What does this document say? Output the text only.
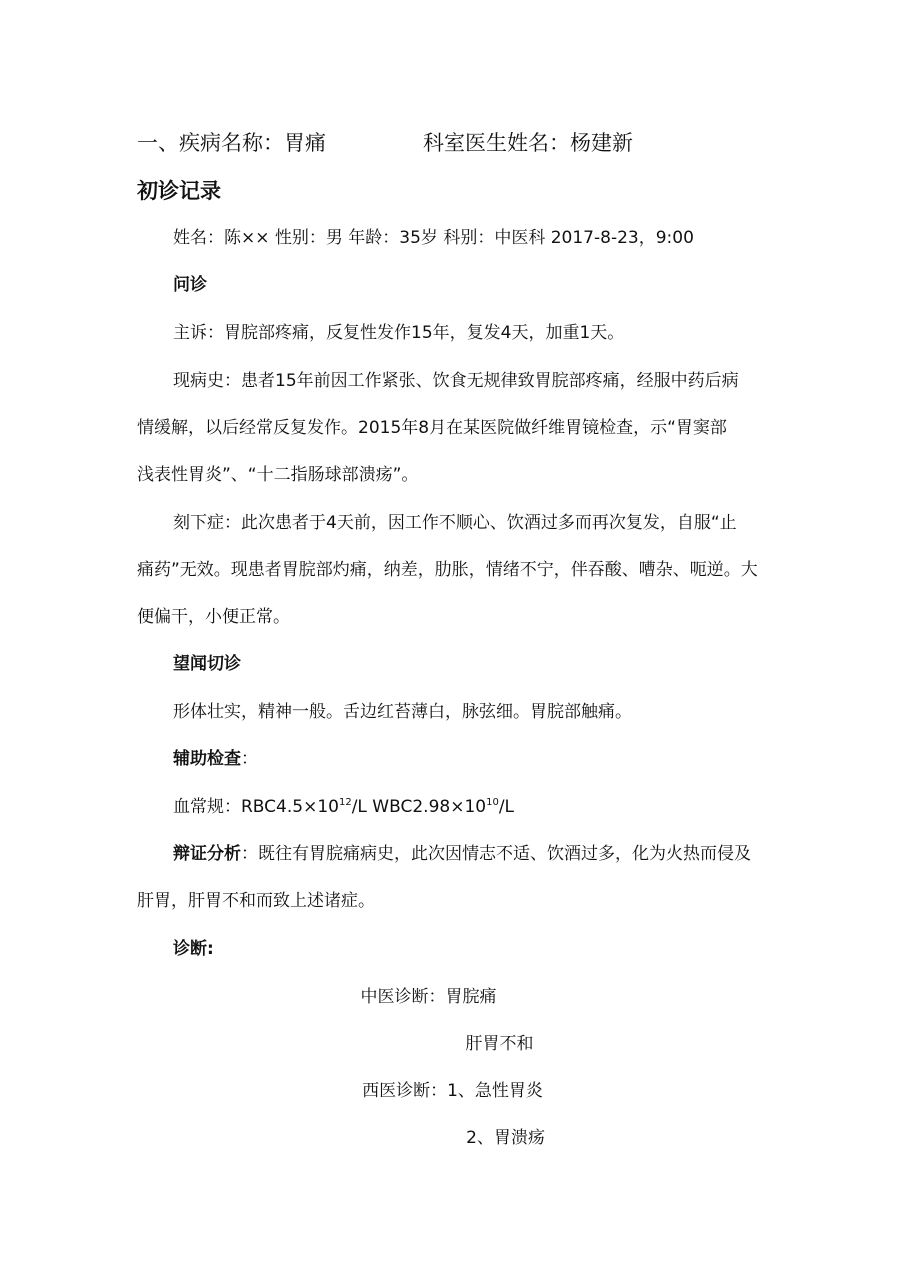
一、疾病名称：胃痛	科室医生姓名：杨建新
初诊记录
姓名：陈×× 性别：男 年龄：35岁 科别：中医科 2017-8-23，9:00
问诊
主诉：胃脘部疼痛，反复性发作15年，复发4天，加重1天。
现病史：患者15年前因工作紧张、饮食无规律致胃脘部疼痛，经服中药后病
情缓解，以后经常反复发作。2015年8月在某医院做纤维胃镜检查，示“胃窦部
浅表性胃炎”、“十二指肠球部溃疡”。
刻下症：此次患者于4天前，因工作不顺心、饮酒过多而再次复发，自服“止
痛药”无效。现患者胃脘部灼痛，纳差，肋胀，情绪不宁，伴吞酸、嘈杂、呃逆。大
便偏干，小便正常。
望闻切诊
形体壮实，精神一般。舌边红苔薄白，脉弦细。胃脘部触痛。
辅助检查：
血常规：$RBC4.5\times 10^{12}/L$ $WBC2.98\times 10^{10}/L$
辩证分析：既往有胃脘痛病史，此次因情志不适、饮酒过多，化为火热而侵及
肝胃，肝胃不和而致上述诸症。
诊断:
中医诊断：胃脘痛
肝胃不和
西医诊断：1、急性胃炎
2、胃溃疡
